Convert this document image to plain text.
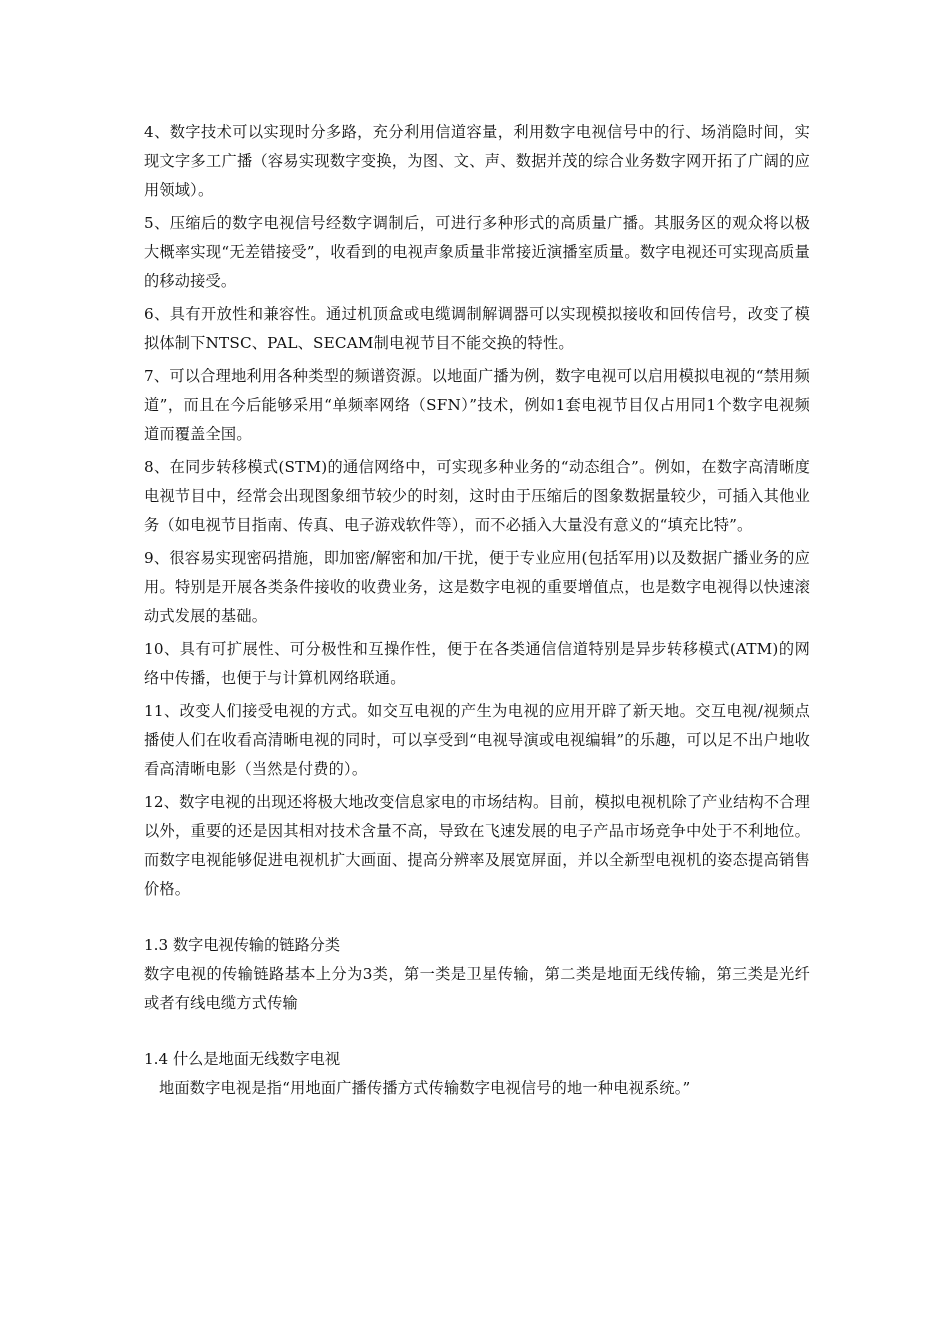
4、数字技术可以实现时分多路，充分利用信道容量，利用数字电视信号中的行、场消隐时间，实现文字多工广播（容易实现数字变换，为图、文、声、数据并茂的综合业务数字网开拓了广阔的应用领域）。

5、压缩后的数字电视信号经数字调制后，可进行多种形式的高质量广播。其服务区的观众将以极大概率实现“无差错接受”，收看到的电视声象质量非常接近演播室质量。数字电视还可实现高质量的移动接受。

6、具有开放性和兼容性。通过机顶盒或电缆调制解调器可以实现模拟接收和回传信号，改变了模拟体制下NTSC、PAL、SECAM制电视节目不能交换的特性。

7、可以合理地利用各种类型的频谱资源。以地面广播为例，数字电视可以启用模拟电视的“禁用频道”，而且在今后能够采用“单频率网络（SFN）”技术，例如1套电视节目仅占用同1个数字电视频道而覆盖全国。

8、在同步转移模式(STM)的通信网络中，可实现多种业务的“动态组合”。例如，在数字高清晰度电视节目中，经常会出现图象细节较少的时刻，这时由于压缩后的图象数据量较少，可插入其他业务（如电视节目指南、传真、电子游戏软件等），而不必插入大量没有意义的“填充比特”。

9、很容易实现密码措施，即加密/解密和加/干扰，便于专业应用(包括军用)以及数据广播业务的应用。特别是开展各类条件接收的收费业务，这是数字电视的重要增值点，也是数字电视得以快速滚动式发展的基础。

10、具有可扩展性、可分极性和互操作性，便于在各类通信信道特别是异步转移模式(ATM)的网络中传播，也便于与计算机网络联通。

11、改变人们接受电视的方式。如交互电视的产生为电视的应用开辟了新天地。交互电视/视频点播使人们在收看高清晰电视的同时，可以享受到“电视导演或电视编辑”的乐趣，可以足不出户地收看高清晰电影（当然是付费的）。

12、数字电视的出现还将极大地改变信息家电的市场结构。目前，模拟电视机除了产业结构不合理以外，重要的还是因其相对技术含量不高，导致在飞速发展的电子产品市场竞争中处于不利地位。而数字电视能够促进电视机扩大画面、提高分辨率及展宽屏面，并以全新型电视机的姿态提高销售价格。

1.3 数字电视传输的链路分类

数字电视的传输链路基本上分为3类，第一类是卫星传输，第二类是地面无线传输，第三类是光纤或者有线电缆方式传输

1.4 什么是地面无线数字电视

地面数字电视是指“用地面广播传播方式传输数字电视信号的地一种电视系统。”
